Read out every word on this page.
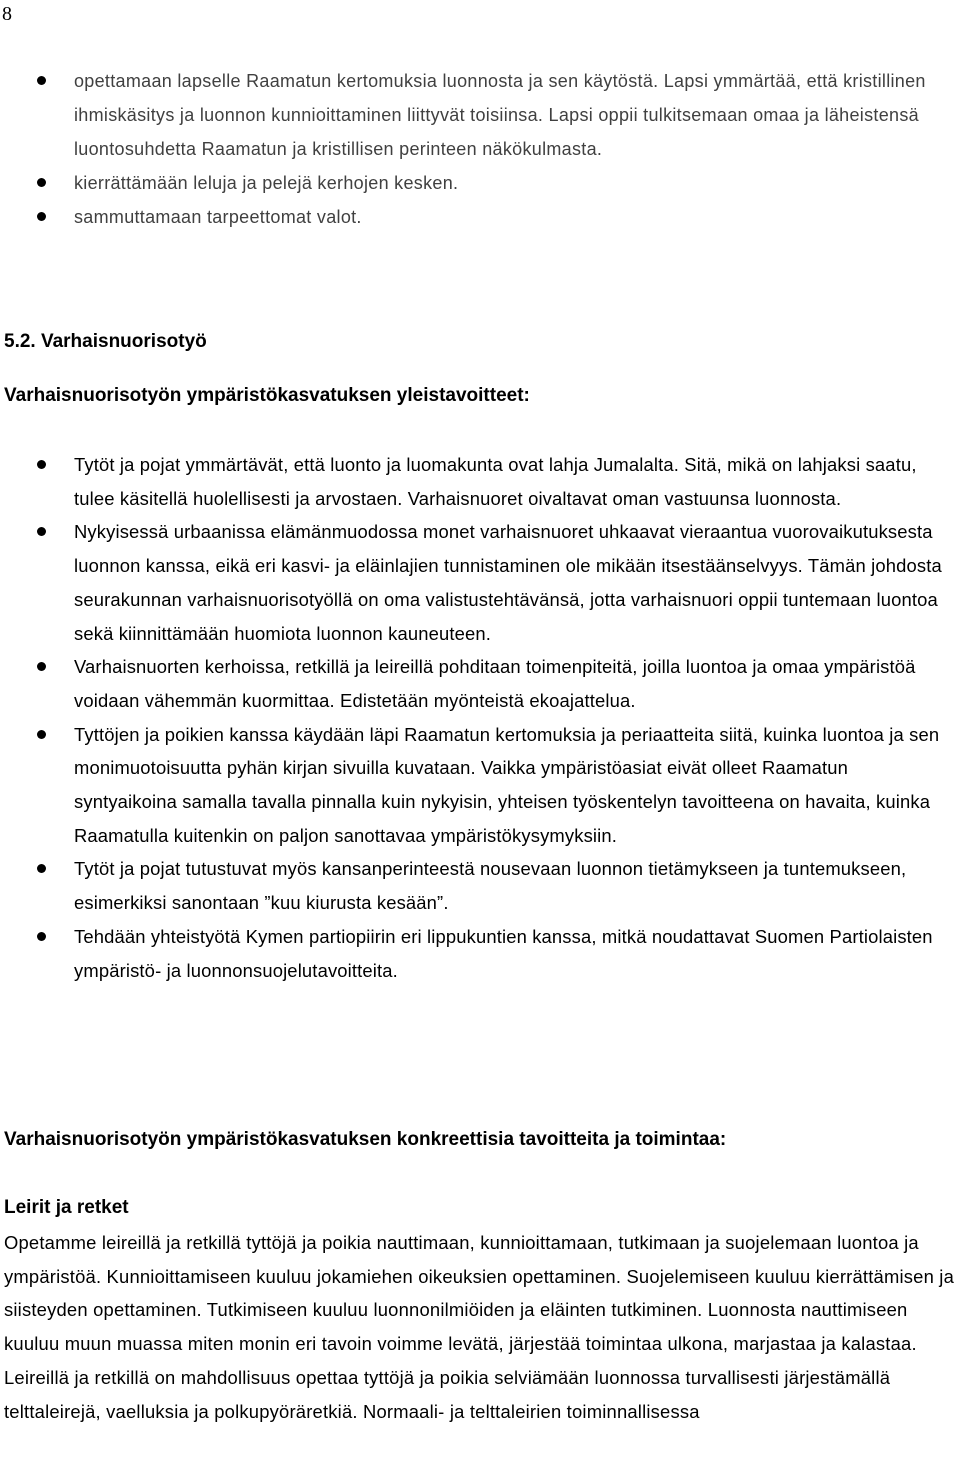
8
opettamaan lapselle Raamatun kertomuksia luonnosta ja sen käytöstä. Lapsi ymmärtää, että kristillinen ihmiskäsitys ja luonnon kunnioittaminen liittyvät toisiinsa. Lapsi oppii tulkitsemaan omaa ja läheistensä luontosuhdetta Raamatun ja kristillisen perinteen näkökulmasta.
kierrättämään leluja ja pelejä kerhojen kesken.
sammuttamaan tarpeettomat valot.
5.2. Varhaisnuorisotyö
Varhaisnuorisotyön ympäristökasvatuksen yleistavoitteet:
Tytöt ja pojat ymmärtävät, että luonto ja luomakunta ovat lahja Jumalalta. Sitä, mikä on lahjaksi saatu, tulee käsitellä huolellisesti ja arvostaen. Varhaisnuoret oivaltavat oman vastuunsa luonnosta.
Nykyisessä urbaanissa elämänmuodossa monet varhaisnuoret uhkaavat vieraantua vuorovaikutuksesta luonnon kanssa, eikä eri kasvi- ja eläinlajien tunnistaminen ole mikään itsestäänselvyys. Tämän johdosta seurakunnan varhaisnuorisotyöllä on oma valistustehtävänsä, jotta varhaisnuori oppii tuntemaan luontoa sekä kiinnittämään huomiota luonnon kauneuteen.
Varhaisnuorten kerhoissa, retkillä ja leireillä pohditaan toimenpiteitä, joilla luontoa ja omaa ympäristöä voidaan vähemmän kuormittaa. Edistetään myönteistä ekoajattelua.
Tyttöjen ja poikien kanssa käydään läpi Raamatun kertomuksia ja periaatteita siitä, kuinka luontoa ja sen monimuotoisuutta pyhän kirjan sivuilla kuvataan. Vaikka ympäristöasiat eivät olleet Raamatun syntyaikoina samalla tavalla pinnalla kuin nykyisin, yhteisen työskentelyn tavoitteena on havaita, kuinka Raamatulla kuitenkin on paljon sanottavaa ympäristökysymyksiin.
Tytöt ja pojat tutustuvat myös kansanperinteestä nousevaan luonnon tietämykseen ja tuntemukseen, esimerkiksi sanontaan ”kuu kiurusta kesään”.
Tehdään yhteistyötä Kymen partiopiirin eri lippukuntien kanssa, mitkä noudattavat Suomen Partiolaisten ympäristö- ja luonnonsuojelutavoitteita.
Varhaisnuorisotyön ympäristökasvatuksen konkreettisia tavoitteita ja toimintaa:
Leirit ja retket

Opetamme leireillä ja retkillä tyttöjä ja poikia nauttimaan, kunnioittamaan, tutkimaan ja suojelemaan luontoa ja ympäristöä. Kunnioittamiseen kuuluu jokamiehen oikeuksien opettaminen. Suojelemiseen kuuluu kierrättämisen ja siisteyden opettaminen. Tutkimiseen kuuluu luonnonilmiöiden ja eläinten tutkiminen. Luonnosta nauttimiseen kuuluu muun muassa miten monin eri tavoin voimme levätä, järjestää toimintaa ulkona, marjastaa ja kalastaa. Leireillä ja retkillä on mahdollisuus opettaa tyttöjä ja poikia selviämään luonnossa turvallisesti järjestämällä telttaleirejä, vaelluksia ja polkupyöräretkiä. Normaali- ja telttaleirien toiminnallisessa
